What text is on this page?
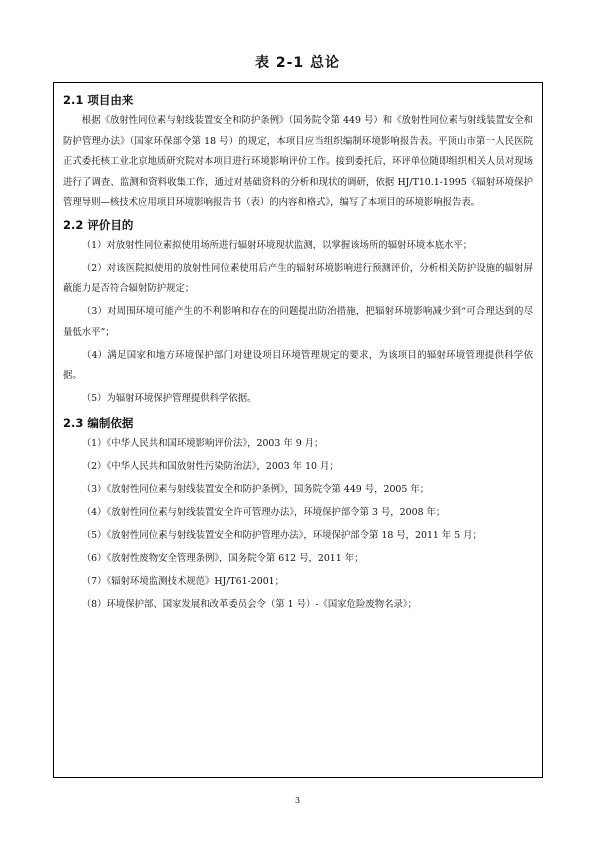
表 2-1 总论
2.1 项目由来

根据《放射性同位素与射线装置安全和防护条例》（国务院令第 449 号）和《放射性同位素与射线装置安全和防护管理办法》（国家环保部令第 18 号）的规定，本项目应当组织编制环境影响报告表。平顶山市第一人民医院正式委托核工业北京地质研究院对本项目进行环境影响评价工作。接到委托后，环评单位随即组织相关人员对现场进行了调查、监测和资料收集工作，通过对基础资料的分析和现状的调研，依据 HJ/T10.1-1995《辐射环境保护管理导则—核技术应用项目环境影响报告书（表）的内容和格式》，编写了本项目的环境影响报告表。

2.2 评价目的

（1）对放射性同位素拟使用场所进行辐射环境现状监测，以掌握该场所的辐射环境本底水平；

（2）对该医院拟使用的放射性同位素使用后产生的辐射环境影响进行预测评价，分析相关防护设施的辐射屏蔽能力是否符合辐射防护规定；

（3）对周围环境可能产生的不利影响和存在的问题提出防治措施，把辐射环境影响减少到“可合理达到的尽量低水平”；

（4）满足国家和地方环境保护部门对建设项目环境管理规定的要求，为该项目的辐射环境管理提供科学依据。

（5）为辐射环境保护管理提供科学依据。

2.3 编制依据

（1）《中华人民共和国环境影响评价法》，2003 年 9 月；

（2）《中华人民共和国放射性污染防治法》，2003 年 10 月；

（3）《放射性同位素与射线装置安全和防护条例》，国务院令第 449 号，2005 年；

（4）《放射性同位素与射线装置安全许可管理办法》，环境保护部令第 3 号，2008 年；

（5）《放射性同位素与射线装置安全和防护管理办法》，环境保护部令第 18 号，2011 年 5 月；

（6）《放射性废物安全管理条例》，国务院令第 612 号，2011 年；

（7）《辐射环境监测技术规范》HJ/T61-2001；

（8）环境保护部、国家发展和改革委员会令（第 1 号）-《国家危险废物名录》；

3
